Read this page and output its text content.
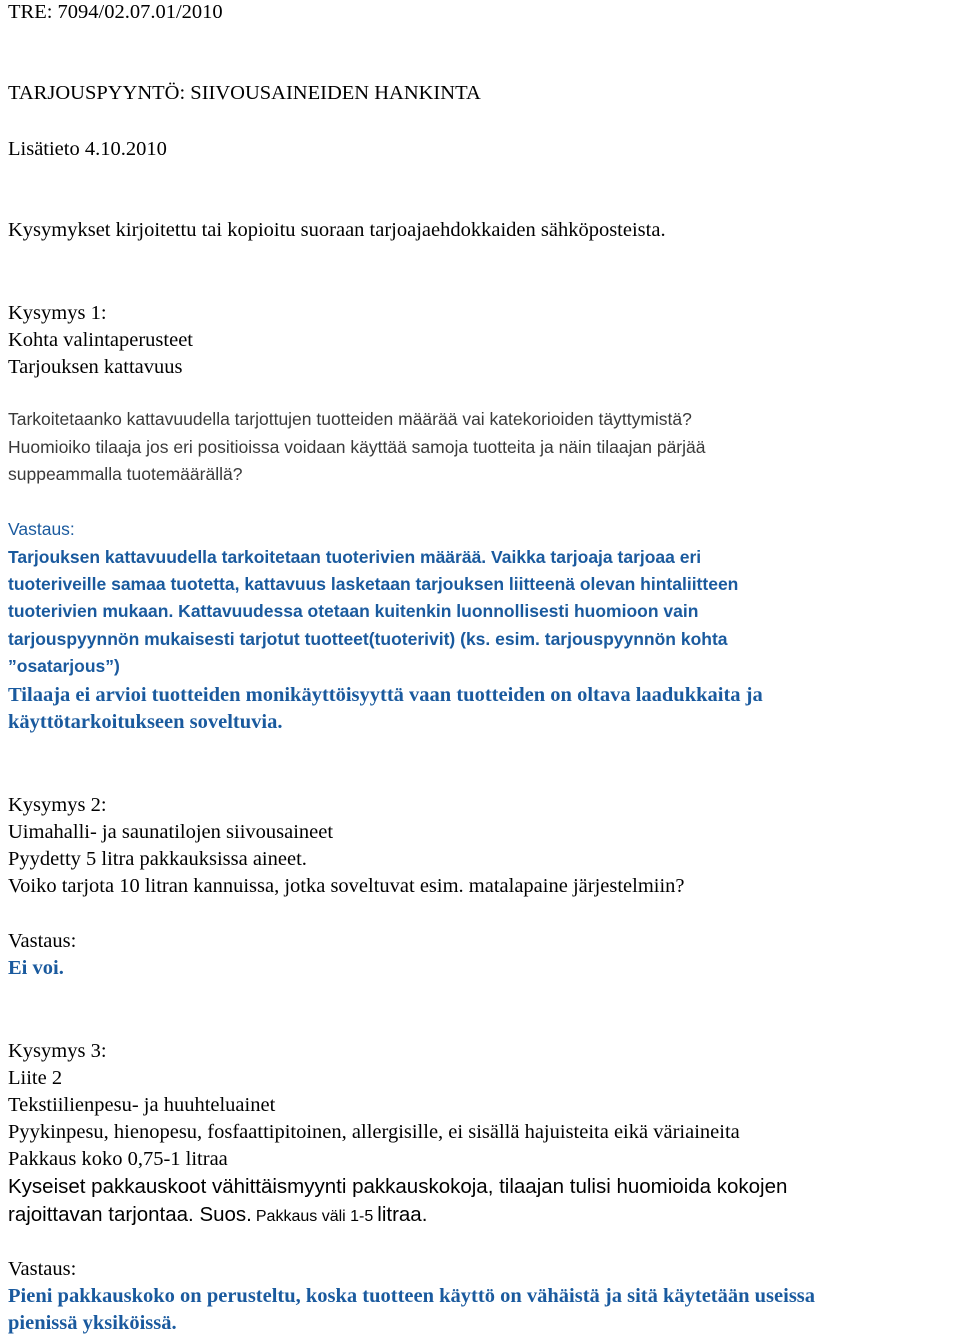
TRE: 7094/02.07.01/2010
TARJOUSPYYNTÖ: SIIVOUSAINEIDEN HANKINTA
Lisätieto 4.10.2010
Kysymykset kirjoitettu tai kopioitu suoraan tarjoajaehdokkaiden sähköposteista.
Kysymys 1:
Kohta valintaperusteet
Tarjouksen kattavuus
Tarkoitetaanko kattavuudella tarjottujen tuotteiden määrää vai katekorioiden täyttymistä?
Huomioiko tilaaja jos eri positioissa voidaan käyttää samoja tuotteita ja näin tilaajan pärjää
suppeammalla tuotemäärällä?
Vastaus:
Tarjouksen kattavuudella tarkoitetaan tuoterivien määrää. Vaikka tarjoaja tarjoaa eri
tuoteriveille samaa tuotetta, kattavuus lasketaan tarjouksen liitteenä olevan hintaliitteen
tuoterivien mukaan. Kattavuudessa otetaan kuitenkin luonnollisesti huomioon vain
tarjouspyynnön mukaisesti tarjotut tuotteet(tuoterivit) (ks. esim. tarjouspyynnön kohta
”osatarjous”)
Tilaaja ei arvioi tuotteiden monikäyttöisyyttä vaan tuotteiden on oltava laadukkaita ja
käyttötarkoitukseen soveltuvia.
Kysymys 2:
Uimahalli- ja saunatilojen siivousaineet
Pyydetty 5 litra pakkauksissa aineet.
Voiko tarjota 10 litran kannuissa, jotka soveltuvat esim. matalapaine järjestelmiin?
Vastaus:
Ei voi.
Kysymys 3:
Liite 2
Tekstiilienpesu- ja huuhteluainet
Pyykinpesu, hienopesu, fosfaattipitoinen, allergisille, ei sisällä hajuisteita eikä väriaineita
Pakkaus koko 0,75-1 litraa
Kyseiset pakkauskoot vähittäismyynti pakkauskokoja, tilaajan tulisi huomioida kokojen
rajoittavan tarjontaa. Suos. Pakkaus väli 1-5 litraa.
Vastaus:
Pieni pakkauskoko on perusteltu, koska tuotteen käyttö on vähäistä ja sitä käytetään useissa
pienissä yksiköissä.
